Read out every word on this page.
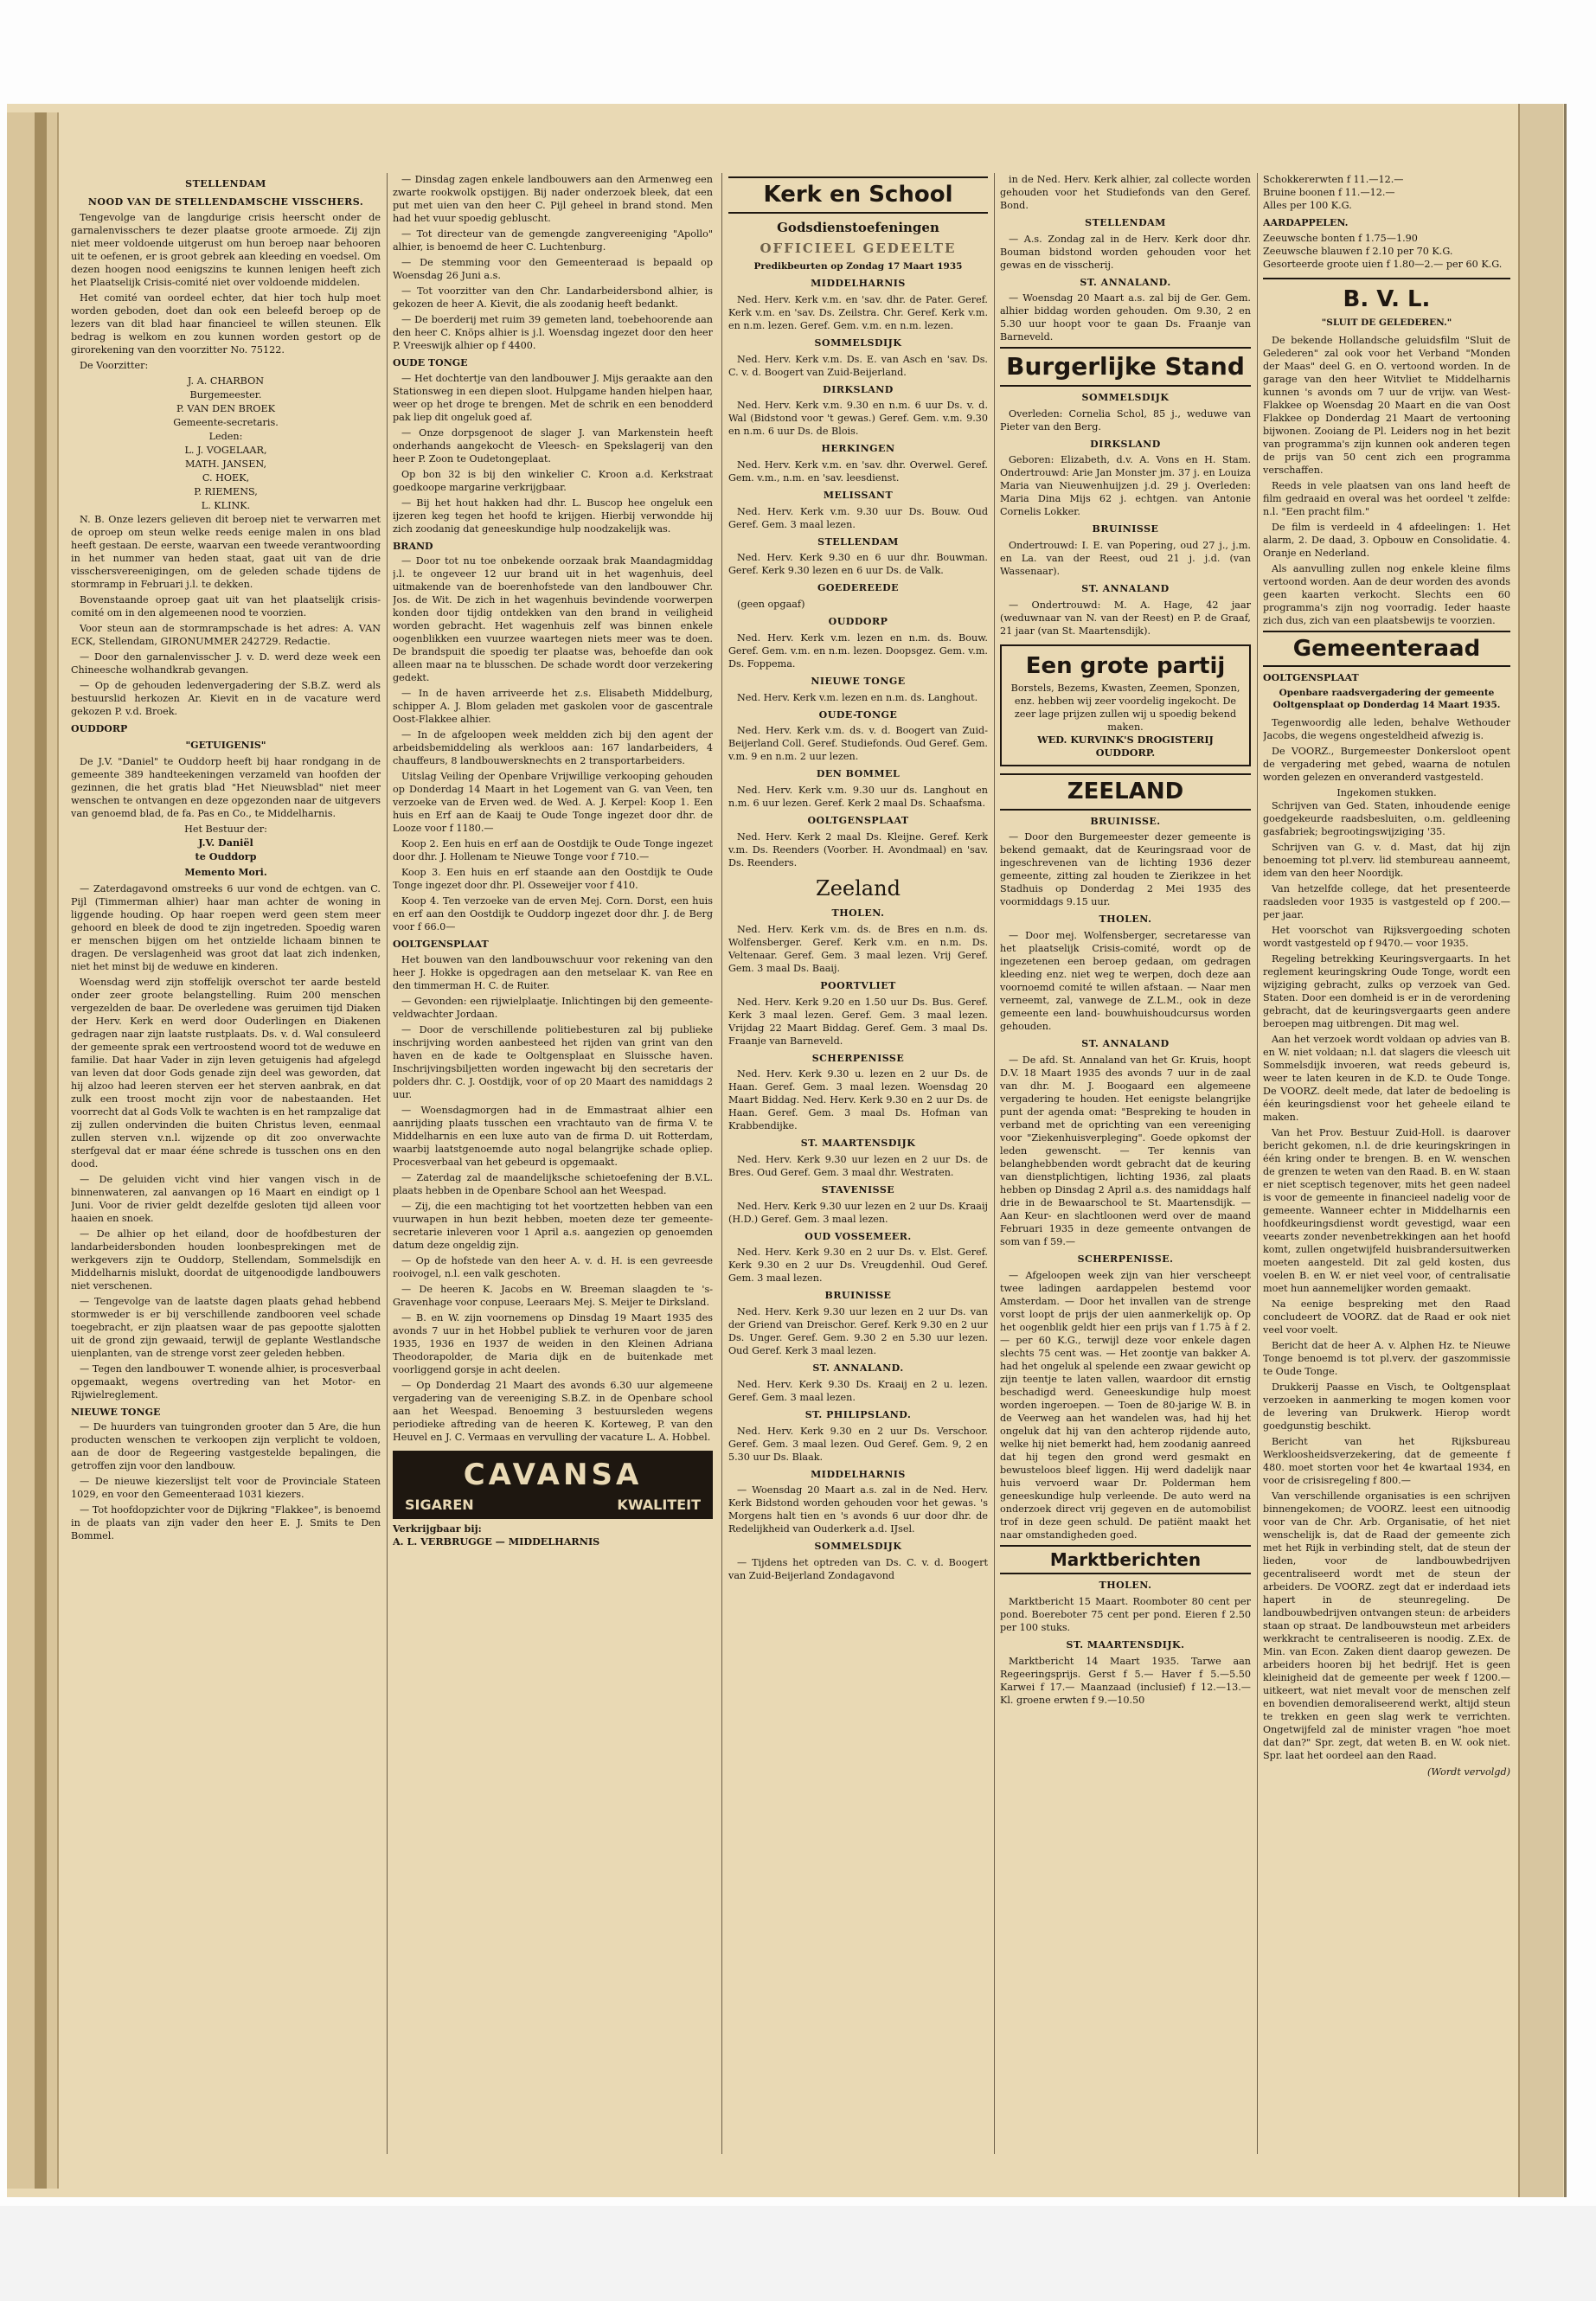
STELLENDAM
NOOD VAN DE STELLENDAMSCHE VISSCHERS.

Tengevolge van de langdurige crisis heerscht onder de garnalenvisschers te dezer plaatse groote armoede. Zij zijn niet meer voldoende uitgerust om hun beroep naar behooren uit te oefenen, er is groot gebrek aan kleeding en voedsel. Om dezen hoogen nood eenigszins te kunnen lenigen heeft zich het Plaatselijk Crisis-comité niet over voldoende middelen.

Het comité van oordeel echter, dat hier toch hulp moet worden geboden, doet dan ook een beleefd beroep op de lezers van dit blad haar financieel te willen steunen. Elk bedrag is welkom en zou kunnen worden gestort op de girorekening van den voorzitter No. 75122.

De Voorzitter:

J. A. CHARBON
Burgemeester.
P. VAN DEN BROEK
Gemeente-secretaris.
Leden:
L. J. VOGELAAR,
MATH. JANSEN,
C. HOEK,
P. RIEMENS,
L. KLINK.

N. B. Onze lezers gelieven dit beroep niet te verwarren met de oproep om steun welke reeds eenige malen in ons blad heeft gestaan. De eerste, waarvan een tweede verantwoording in het nummer van heden staat, gaat uit van de drie visschersvereenigingen, om de geleden schade tijdens de stormramp in Februari j.l. te dekken.

Bovenstaande oproep gaat uit van het plaatselijk crisis-comité om in den algemeenen nood te voorzien.

Voor steun aan de stormrampschade is het adres: A. VAN ECK, Stellendam, GIRONUMMER 242729. Redactie.

— Door den garnalenvisscher J. v. D. werd deze week een Chineesche wolhandkrab gevangen.

— Op de gehouden ledenvergadering der S.B.Z. werd als bestuurslid herkozen Ar. Kievit en in de vacature werd gekozen P. v.d. Broek.

OUDDORP
"GETUIGENIS"

De J.V. "Daniel" te Ouddorp heeft bij haar rondgang in de gemeente 389 handteekeningen verzameld van hoofden der gezinnen, die het gratis blad "Het Nieuwsblad" niet meer wenschen te ontvangen en deze opgezonden naar de uitgevers van genoemd blad, de fa. Pas en Co., te Middelharnis.

Het Bestuur der:
J.V. Daniël
te Ouddorp
Memento Mori.

— Zaterdagavond omstreeks 6 uur vond de echtgen. van C. Pijl (Timmerman alhier) haar man achter de woning in liggende houding. Op haar roepen werd geen stem meer gehoord en bleek de dood te zijn ingetreden. Spoedig waren er menschen bijgen om het ontzielde lichaam binnen te dragen. De verslagenheid was groot dat laat zich indenken, niet het minst bij de weduwe en kinderen.

Woensdag werd zijn stoffelijk overschot ter aarde besteld onder zeer groote belangstelling. Ruim 200 menschen vergezelden de baar. De overledene was geruimen tijd Diaken der Herv. Kerk en werd door Ouderlingen en Diakenen gedragen naar zijn laatste rustplaats. Ds. v. d. Wal consuleerd der gemeente sprak een vertroostend woord tot de weduwe en familie. Dat haar Vader in zijn leven getuigenis had afgelegd van leven dat door Gods genade zijn deel was geworden, dat hij alzoo had leeren sterven eer het sterven aanbrak, en dat zulk een troost mocht zijn voor de nabestaanden. Het voorrecht dat al Gods Volk te wachten is en het rampzalige dat zij zullen ondervinden die buiten Christus leven, eenmaal zullen sterven v.n.l. wijzende op dit zoo onverwachte sterfgeval dat er maar ééne schrede is tusschen ons en den dood.

— De geluiden vicht vind hier vangen visch in de binnenwateren, zal aanvangen op 16 Maart en eindigt op 1 Juni. Voor de rivier geldt dezelfde gesloten tijd alleen voor haaien en snoek.

— De alhier op het eiland, door de hoofdbesturen der landarbeidersbonden houden loonbesprekingen met de werkgevers zijn te Ouddorp, Stellendam, Sommelsdijk en Middelharnis mislukt, doordat de uitgenoodigde landbouwers niet verschenen.

— Tengevolge van de laatste dagen plaats gehad hebbend stormweder is er bij verschillende zandbooren veel schade toegebracht, er zijn plaatsen waar de pas gepootte sjalotten uit de grond zijn gewaaid, terwijl de geplante Westlandsche uienplanten, van de strenge vorst zeer geleden hebben.

— Tegen den landbouwer T. wonende alhier, is procesverbaal opgemaakt, wegens overtreding van het Motor- en Rijwielreglement.

NIEUWE TONGE

— De huurders van tuingronden grooter dan 5 Are, die hun producten wenschen te verkoopen zijn verplicht te voldoen, aan de door de Regeering vastgestelde bepalingen, die getroffen zijn voor den landbouw.

— De nieuwe kiezerslijst telt voor de Provinciale Stateen 1029, en voor den Gemeenteraad 1031 kiezers.

— Tot hoofdopzichter voor de Dijkring "Flakkee", is benoemd in de plaats van zijn vader den heer E. J. Smits te Den Bommel.

— Dinsdag zagen enkele landbouwers aan den Armenweg een zwarte rookwolk opstijgen. Bij nader onderzoek bleek, dat een put met uien van den heer C. Pijl geheel in brand stond. Men had het vuur spoedig gebluscht.

— Tot directeur van de gemengde zangvereeniging "Apollo" alhier, is benoemd de heer C. Luchtenburg.

— De stemming voor den Gemeenteraad is bepaald op Woensdag 26 Juni a.s.

— Tot voorzitter van den Chr. Landarbeidersbond alhier, is gekozen de heer A. Kievit, die als zoodanig heeft bedankt.

— De boerderij met ruim 39 gemeten land, toebehoorende aan den heer C. Knöps alhier is j.l. Woensdag ingezet door den heer P. Vreeswijk alhier op f 4400.

OUDE TONGE

— Het dochtertje van den landbouwer J. Mijs geraakte aan den Stationsweg in een diepen sloot. Hulpgame handen hielpen haar, weer op het droge te brengen. Met de schrik en een benodderd pak liep dit ongeluk goed af.

— Onze dorpsgenoot de slager J. van Markenstein heeft onderhands aangekocht de Vleesch- en Spekslagerij van den heer P. Zoon te Oudetongeplaat.

Op bon 32 is bij den winkelier C. Kroon a.d. Kerkstraat goedkoope margarine verkrijgbaar.

— Bij het hout hakken had dhr. L. Buscop hee ongeluk een ijzeren keg tegen het hoofd te krijgen. Hierbij verwondde hij zich zoodanig dat geneeskundige hulp noodzakelijk was.

BRAND

— Door tot nu toe onbekende oorzaak brak Maandagmiddag j.l. te ongeveer 12 uur brand uit in het wagenhuis, deel uitmakende van de boerenhofstede van den landbouwer Chr. Jos. de Wit. De zich in het wagenhuis bevindende voorwerpen konden door tijdig ontdekken van den brand in veiligheid worden gebracht. Het wagenhuis zelf was binnen enkele oogenblikken een vuurzee waartegen niets meer was te doen. De brandspuit die spoedig ter plaatse was, behoefde dan ook alleen maar na te blusschen. De schade wordt door verzekering gedekt.

— In de haven arriveerde het z.s. Elisabeth Middelburg, schipper A. J. Blom geladen met gaskolen voor de gascentrale Oost-Flakkee alhier.

— In de afgeloopen week meldden zich bij den agent der arbeidsbemiddeling als werkloos aan: 167 landarbeiders, 4 chauffeurs, 8 landbouwersknechts en 2 transportarbeiders.

Uitslag Veiling der Openbare Vrijwillige verkooping gehouden op Donderdag 14 Maart in het Logement van G. van Veen, ten verzoeke van de Erven wed. de Wed. A. J. Kerpel: Koop 1. Een huis en Erf aan de Kaaij te Oude Tonge ingezet door dhr. de Looze voor f 1180.—

Koop 2. Een huis en erf aan de Oostdijk te Oude Tonge ingezet door dhr. J. Hollenam te Nieuwe Tonge voor f 710.—

Koop 3. Een huis en erf staande aan den Oostdijk te Oude Tonge ingezet door dhr. Pl. Osseweijer voor f 410.

Koop 4. Ten verzoeke van de erven Mej. Corn. Dorst, een huis en erf aan den Oostdijk te Ouddorp ingezet door dhr. J. de Berg voor f 66.0—

OOLTGENSPLAAT

Het bouwen van den landbouwschuur voor rekening van den heer J. Hokke is opgedragen aan den metselaar K. van Ree en den timmerman H. C. de Ruiter.

— Gevonden: een rijwielplaatje. Inlichtingen bij den gemeente-veldwachter Jordaan.

— Door de verschillende politiebesturen zal bij publieke inschrijving worden aanbesteed het rijden van grint van den haven en de kade te Ooltgensplaat en Sluissche haven. Inschrijvingsbiljetten worden ingewacht bij den secretaris der polders dhr. C. J. Oostdijk, voor of op 20 Maart des namiddags 2 uur.

— Woensdagmorgen had in de Emmastraat alhier een aanrijding plaats tusschen een vrachtauto van de firma V. te Middelharnis en een luxe auto van de firma D. uit Rotterdam, waarbij laatstgenoemde auto nogal belangrijke schade opliep. Procesverbaal van het gebeurd is opgemaakt.

— Zaterdag zal de maandelijksche schietoefening der B.V.L. plaats hebben in de Openbare School aan het Weespad.

— Zij, die een machtiging tot het voortzetten hebben van een vuurwapen in hun bezit hebben, moeten deze ter gemeente-secretarie inleveren voor 1 April a.s. aangezien op genoemden datum deze ongeldig zijn.

— Op de hofstede van den heer A. v. d. H. is een gevreesde rooivogel, n.l. een valk geschoten.

— De heeren K. Jacobs en W. Breeman slaagden te 's-Gravenhage voor conpuse, Leeraars Mej. S. Meijer te Dirksland.

— B. en W. zijn voornemens op Dinsdag 19 Maart 1935 des avonds 7 uur in het Hobbel publiek te verhuren voor de jaren 1935, 1936 en 1937 de weiden in den Kleinen Adriana Theodorapolder, de Maria dijk en de buitenkade met voorliggend gorsje in acht deelen.

— Op Donderdag 21 Maart des avonds 6.30 uur algemeene vergadering van de vereeniging S.B.Z. in de Openbare school aan het Weespad. Benoeming 3 bestuursleden wegens periodieke aftreding van de heeren K. Korteweg, P. van den Heuvel en J. C. Vermaas en vervulling der vacature L. A. Hobbel.

CAVANSA
SIGAREN	KWALITEIT
Verkrijgbaar bij:
A. L. VERBRUGGE — MIDDELHARNIS
Kerk en School
Godsdienstoefeningen
OFFICIEEL GEDEELTE
Predikbeurten op Zondag 17 Maart 1935
MIDDELHARNIS

Ned. Herv. Kerk v.m. en 'sav. dhr. de Pater. Geref. Kerk v.m. en 'sav. Ds. Zeilstra. Chr. Geref. Kerk v.m. en n.m. lezen. Geref. Gem. v.m. en n.m. lezen.

SOMMELSDIJK

Ned. Herv. Kerk v.m. Ds. E. van Asch en 'sav. Ds. C. v. d. Boogert van Zuid-Beijerland.

DIRKSLAND

Ned. Herv. Kerk v.m. 9.30 en n.m. 6 uur Ds. v. d. Wal (Bidstond voor 't gewas.) Geref. Gem. v.m. 9.30 en n.m. 6 uur Ds. de Blois.

HERKINGEN

Ned. Herv. Kerk v.m. en 'sav. dhr. Overwel. Geref. Gem. v.m., n.m. en 'sav. leesdienst.

MELISSANT

Ned. Herv. Kerk v.m. 9.30 uur Ds. Bouw. Oud Geref. Gem. 3 maal lezen.

STELLENDAM

Ned. Herv. Kerk 9.30 en 6 uur dhr. Bouwman. Geref. Kerk 9.30 lezen en 6 uur Ds. de Valk.

GOEDEREEDE

(geen opgaaf)

OUDDORP

Ned. Herv. Kerk v.m. lezen en n.m. ds. Bouw. Geref. Gem. v.m. en n.m. lezen. Doopsgez. Gem. v.m. Ds. Foppema.

NIEUWE TONGE

Ned. Herv. Kerk v.m. lezen en n.m. ds. Langhout.

OUDE-TONGE

Ned. Herv. Kerk v.m. ds. v. d. Boogert van Zuid-Beijerland Coll. Geref. Studiefonds. Oud Geref. Gem. v.m. 9 en n.m. 2 uur lezen.

DEN BOMMEL

Ned. Herv. Kerk v.m. 9.30 uur ds. Langhout en n.m. 6 uur lezen. Geref. Kerk 2 maal Ds. Schaafsma.

OOLTGENSPLAAT

Ned. Herv. Kerk 2 maal Ds. Kleijne. Geref. Kerk v.m. Ds. Reenders (Voorber. H. Avondmaal) en 'sav. Ds. Reenders.

Zeeland
THOLEN.

Ned. Herv. Kerk v.m. ds. de Bres en n.m. ds. Wolfensberger. Geref. Kerk v.m. en n.m. Ds. Veltenaar. Geref. Gem. 3 maal lezen. Vrij Geref. Gem. 3 maal Ds. Baaij.

POORTVLIET

Ned. Herv. Kerk 9.20 en 1.50 uur Ds. Bus. Geref. Kerk 3 maal lezen. Geref. Gem. 3 maal lezen. Vrijdag 22 Maart Biddag. Geref. Gem. 3 maal Ds. Fraanje van Barneveld.

SCHERPENISSE

Ned. Herv. Kerk 9.30 u. lezen en 2 uur Ds. de Haan. Geref. Gem. 3 maal lezen. Woensdag 20 Maart Biddag. Ned. Herv. Kerk 9.30 en 2 uur Ds. de Haan. Geref. Gem. 3 maal Ds. Hofman van Krabbendijke.

ST. MAARTENSDIJK

Ned. Herv. Kerk 9.30 uur lezen en 2 uur Ds. de Bres. Oud Geref. Gem. 3 maal dhr. Westraten.

STAVENISSE

Ned. Herv. Kerk 9.30 uur lezen en 2 uur Ds. Kraaij (H.D.) Geref. Gem. 3 maal lezen.

OUD VOSSEMEER.

Ned. Herv. Kerk 9.30 en 2 uur Ds. v. Elst. Geref. Kerk 9.30 en 2 uur Ds. Vreugdenhil. Oud Geref. Gem. 3 maal lezen.

BRUINISSE

Ned. Herv. Kerk 9.30 uur lezen en 2 uur Ds. van der Griend van Dreischor. Geref. Kerk 9.30 en 2 uur Ds. Unger. Geref. Gem. 9.30 2 en 5.30 uur lezen. Oud Geref. Kerk 3 maal lezen.

ST. ANNALAND.

Ned. Herv. Kerk 9.30 Ds. Kraaij en 2 u. lezen. Geref. Gem. 3 maal lezen.

ST. PHILIPSLAND.

Ned. Herv. Kerk 9.30 en 2 uur Ds. Verschoor. Geref. Gem. 3 maal lezen. Oud Geref. Gem. 9, 2 en 5.30 uur Ds. Blaak.

MIDDELHARNIS

— Woensdag 20 Maart a.s. zal in de Ned. Herv. Kerk Bidstond worden gehouden voor het gewas. 's Morgens halt tien en 's avonds 6 uur door dhr. de Redelijkheid van Ouderkerk a.d. IJsel.

SOMMELSDIJK

— Tijdens het optreden van Ds. C. v. d. Boogert van Zuid-Beijerland Zondagavond

in de Ned. Herv. Kerk alhier, zal collecte worden gehouden voor het Studiefonds van den Geref. Bond.

STELLENDAM

— A.s. Zondag zal in de Herv. Kerk door dhr. Bouman bidstond worden gehouden voor het gewas en de visscherij.

ST. ANNALAND.

— Woensdag 20 Maart a.s. zal bij de Ger. Gem. alhier biddag worden gehouden. Om 9.30, 2 en 5.30 uur hoopt voor te gaan Ds. Fraanje van Barneveld.

Burgerlijke Stand
SOMMELSDIJK

Overleden: Cornelia Schol, 85 j., weduwe van Pieter van den Berg.

DIRKSLAND

Geboren: Elizabeth, d.v. A. Vons en H. Stam. Ondertrouwd: Arie Jan Monster jm. 37 j. en Louiza Maria van Nieuwenhuijzen j.d. 29 j. Overleden: Maria Dina Mijs 62 j. echtgen. van Antonie Cornelis Lokker.

BRUINISSE

Ondertrouwd: I. E. van Popering, oud 27 j., j.m. en La. van der Reest, oud 21 j. j.d. (van Wassenaar).

ST. ANNALAND

— Ondertrouwd: M. A. Hage, 42 jaar (weduwnaar van N. van der Reest) en P. de Graaf, 21 jaar (van St. Maartensdijk).

Een grote partij
Borstels, Bezems, Kwasten, Zeemen, Sponzen, enz. hebben wij zeer voordelig ingekocht. De zeer lage prijzen zullen wij u spoedig bekend maken.
WED. KURVINK'S DROGISTERIJ
OUDDORP.
ZEELAND
BRUINISSE.

— Door den Burgemeester dezer gemeente is bekend gemaakt, dat de Keuringsraad voor de ingeschrevenen van de lichting 1936 dezer gemeente, zitting zal houden te Zierikzee in het Stadhuis op Donderdag 2 Mei 1935 des voormiddags 9.15 uur.

THOLEN.

— Door mej. Wolfensberger, secretaresse van het plaatselijk Crisis-comité, wordt op de ingezetenen een beroep gedaan, om gedragen kleeding enz. niet weg te werpen, doch deze aan voornoemd comité te willen afstaan. — Naar men verneemt, zal, vanwege de Z.L.M., ook in deze gemeente een land- bouwhuishoudcursus worden gehouden.

ST. ANNALAND

— De afd. St. Annaland van het Gr. Kruis, hoopt D.V. 18 Maart 1935 des avonds 7 uur in de zaal van dhr. M. J. Boogaard een algemeene vergadering te houden. Het eenigste belangrijke punt der agenda omat: "Bespreking te houden in verband met de oprichting van een vereeniging voor "Ziekenhuisverpleging". Goede opkomst der leden gewenscht. — Ter kennis van belanghebbenden wordt gebracht dat de keuring van dienstplichtigen, lichting 1936, zal plaats hebben op Dinsdag 2 April a.s. des namiddags half drie in de Bewaarschool te St. Maartensdijk. — Aan Keur- en slachtloonen werd over de maand Februari 1935 in deze gemeente ontvangen de som van f 59.—

SCHERPENISSE.

— Afgeloopen week zijn van hier verscheept twee ladingen aardappelen bestemd voor Amsterdam. — Door het invallen van de strenge vorst loopt de prijs der uien aanmerkelijk op. Op het oogenblik geldt hier een prijs van f 1.75 à f 2.— per 60 K.G., terwijl deze voor enkele dagen slechts 75 cent was. — Het zoontje van bakker A. had het ongeluk al spelende een zwaar gewicht op zijn teentje te laten vallen, waardoor dit ernstig beschadigd werd. Geneeskundige hulp moest worden ingeroepen. — Toen de 80-jarige W. B. in de Veerweg aan het wandelen was, had hij het ongeluk dat hij van den achterop rijdende auto, welke hij niet bemerkt had, hem zoodanig aanreed dat hij tegen den grond werd gesmakt en bewusteloos bleef liggen. Hij werd dadelijk naar huis vervoerd waar Dr. Polderman hem geneeskundige hulp verleende. De auto werd na onderzoek direct vrij gegeven en de automobilist trof in deze geen schuld. De patiënt maakt het naar omstandigheden goed.

Marktberichten
THOLEN.

Marktbericht 15 Maart. Roomboter 80 cent per pond. Boereboter 75 cent per pond. Eieren f 2.50 per 100 stuks.

ST. MAARTENSDIJK.

Marktbericht 14 Maart 1935. Tarwe aan Regeeringsprijs. Gerst f 5.— Haver f 5.—5.50 Karwei f 17.— Maanzaad (inclusief) f 12.—13.— Kl. groene erwten f 9.—10.50

Schokkererwten f 11.—12.—
Bruine boonen f 11.—12.—
Alles per 100 K.G.
AARDAPPELEN.
Zeeuwsche bonten f 1.75—1.90
Zeeuwsche blauwen f 2.10 per 70 K.G.
Gesorteerde groote uien f 1.80—2.— per 60 K.G.
B. V. L.
"SLUIT DE GELEDEREN."

De bekende Hollandsche geluidsfilm "Sluit de Gelederen" zal ook voor het Verband "Monden der Maas" deel G. en O. vertoond worden. In de garage van den heer Witvliet te Middelharnis kunnen 's avonds om 7 uur de vrijw. van West-Flakkee op Woensdag 20 Maart en die van Oost Flakkee op Donderdag 21 Maart de vertooning bijwonen. Zooiang de Pl. Leiders nog in het bezit van programma's zijn kunnen ook anderen tegen de prijs van 50 cent zich een programma verschaffen.

Reeds in vele plaatsen van ons land heeft de film gedraaid en overal was het oordeel 't zelfde: n.l. "Een pracht film."

De film is verdeeld in 4 afdeelingen: 1. Het alarm, 2. De daad, 3. Opbouw en Consolidatie. 4. Oranje en Nederland.

Als aanvulling zullen nog enkele kleine films vertoond worden. Aan de deur worden des avonds geen kaarten verkocht. Slechts een 60 programma's zijn nog voorradig. Ieder haaste zich dus, zich van een plaatsbewijs te voorzien.

Gemeenteraad
OOLTGENSPLAAT
Openbare raadsvergadering der gemeente Ooltgensplaat op Donderdag 14 Maart 1935.

Tegenwoordig alle leden, behalve Wethouder Jacobs, die wegens ongesteldheid afwezig is.

De VOORZ., Burgemeester Donkersloot opent de vergadering met gebed, waarna de notulen worden gelezen en onveranderd vastgesteld.

Ingekomen stukken.

Schrijven van Ged. Staten, inhoudende eenige goedgekeurde raadsbesluiten, o.m. geldleening gasfabriek; begrootingswijziging '35.

Schrijven van G. v. d. Mast, dat hij zijn benoeming tot pl.verv. lid stembureau aanneemt, idem van den heer Noordijk.

Van hetzelfde college, dat het presenteerde raadsleden voor 1935 is vastgesteld op f 200.— per jaar.

Het voorschot van Rijksvergoeding schoten wordt vastgesteld op f 9470.— voor 1935.

Regeling betrekking Keuringsvergaarts. In het reglement keuringskring Oude Tonge, wordt een wijziging gebracht, zulks op verzoek van Ged. Staten. Door een domheid is er in de verordening gebracht, dat de keuringsvergaarts geen andere beroepen mag uitbrengen. Dit mag wel.

Aan het verzoek wordt voldaan op advies van B. en W. niet voldaan; n.l. dat slagers die vleesch uit Sommelsdijk invoeren, wat reeds gebeurd is, weer te laten keuren in de K.D. te Oude Tonge. De VOORZ. deelt mede, dat later de bedoeling is één keuringsdienst voor het geheele eiland te maken.

Van het Prov. Bestuur Zuid-Holl. is daarover bericht gekomen, n.l. de drie keuringskringen in één kring onder te brengen. B. en W. wenschen de grenzen te weten van den Raad. B. en W. staan er niet sceptisch tegenover, mits het geen nadeel is voor de gemeente in financieel nadelig voor de gemeente. Wanneer echter in Middelharnis een hoofdkeuringsdienst wordt gevestigd, waar een veearts zonder nevenbetrekkingen aan het hoofd komt, zullen ongetwijfeld huisbrandersuitwerken moeten aangesteld. Dit zal geld kosten, dus voelen B. en W. er niet veel voor, of centralisatie moet hun aannemelijker worden gemaakt.

Na eenige bespreking met den Raad concludeert de VOORZ. dat de Raad er ook niet veel voor voelt.

Bericht dat de heer A. v. Alphen Hz. te Nieuwe Tonge benoemd is tot pl.verv. der gaszommissie te Oude Tonge.

Drukkerij Paasse en Visch, te Ooltgensplaat verzoeken in aanmerking te mogen komen voor de levering van Drukwerk. Hierop wordt goedgunstig beschikt.

Bericht van het Rijksbureau Werkloosheidsverzekering, dat de gemeente f 480. moet storten voor het 4e kwartaal 1934, en voor de crisisregeling f 800.—

Van verschillende organisaties is een schrijven binnengekomen; de VOORZ. leest een uitnoodig voor van de Chr. Arb. Organisatie, of het niet wenschelijk is, dat de Raad der gemeente zich met het Rijk in verbinding stelt, dat de steun der lieden, voor de landbouwbedrijven gecentraliseerd wordt met de steun der arbeiders. De VOORZ. zegt dat er inderdaad iets hapert in de steunregeling. De landbouwbedrijven ontvangen steun: de arbeiders staan op straat. De landbouwsteun met arbeiders werkkracht te centraliseeren is noodig. Z.Ex. de Min. van Econ. Zaken dient daarop gewezen. De arbeiders hooren bij het bedrijf. Het is geen kleinigheid dat de gemeente per week f 1200.— uitkeert, wat niet mevalt voor de menschen zelf en bovendien demoraliseerend werkt, altijd steun te trekken en geen slag werk te verrichten. Ongetwijfeld zal de minister vragen "hoe moet dat dan?" Spr. zegt, dat weten B. en W. ook niet. Spr. laat het oordeel aan den Raad.

(Wordt vervolgd)
